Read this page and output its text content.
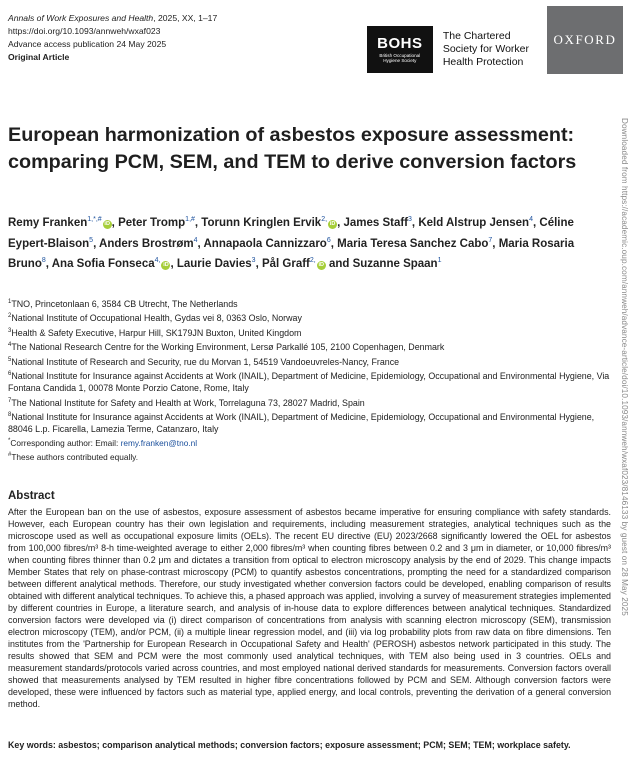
Annals of Work Exposures and Health, 2025, XX, 1–17
https://doi.org/10.1093/annweh/wxaf023
Advance access publication 24 May 2025
Original Article
BOHS
British Occupational
Hygiene Society
The Chartered
Society for Worker
Health Protection
OXFORD
European harmonization of asbestos exposure assessment: comparing PCM, SEM, and TEM to derive conversion factors
Remy Franken$^{1,*,\#}$iD , Peter Tromp$^{1,\#}$, Torunn Kringlen Ervik$^{2,}$iD , James Staff$^3$, Keld Alstrup Jensen$^4$, Céline Eypert-Blaison$^5$, Anders Brostrøm$^4$, Annapaola Cannizzaro$^6$, Maria Teresa Sanchez Cabo$^7$, Maria Rosaria Bruno$^8$, Ana Sofia Fonseca$^{4,}$iD , Laurie Davies$^3$, Pål Graff$^{2,}$iD and Suzanne Spaan$^1$
$^1$TNO, Princetonlaan 6, 3584 CB Utrecht, The Netherlands
$^2$National Institute of Occupational Health, Gydas vei 8, 0363 Oslo, Norway
$^3$Health & Safety Executive, Harpur Hill, SK179JN Buxton, United Kingdom
$^4$The National Research Centre for the Working Environment, Lersø Parkallé 105, 2100 Copenhagen, Denmark
$^5$National Institute of Research and Security, rue du Morvan 1, 54519 Vandoeuvreles-Nancy, France
$^6$National Institute for Insurance against Accidents at Work (INAIL), Department of Medicine, Epidemiology, Occupational and Environmental Hygiene, Via Fontana Candida 1, 00078 Monte Porzio Catone, Rome, Italy
$^7$The National Institute for Safety and Health at Work, Torrelaguna 73, 28027 Madrid, Spain
$^8$National Institute for Insurance against Accidents at Work (INAIL), Department of Medicine, Epidemiology, Occupational and Environmental Hygiene, 88046 L.p. Ficarella, Lamezia Terme, Catanzaro, Italy
*Corresponding author: Email: remy.franken@tno.nl
#These authors contributed equally.
Abstract

After the European ban on the use of asbestos, exposure assessment of asbestos became imperative for ensuring compliance with safety standards. However, each European country has their own legislation and requirements, including measurement strategies, analytical techniques such as the microscope used as well as occupational exposure limits (OELs). The recent EU directive (EU) 2023/2668 significantly lowered the OEL for asbestos from 100,000 fibres/m³ 8-h time-weighted average to either 2,000 fibres/m³ when counting fibres between 0.2 and 3 μm in diameter, or 10,000 fibres/m³ when counting fibres thinner than 0.2 μm and dictates a transition from optical to electron microscopy analysis by the end of 2029. This change impacts Member States that rely on phase-contrast microscopy (PCM) to quantify asbestos concentrations, prompting the need for a standardized comparison between different analytical methods. Therefore, our study investigated whether conversion factors could be developed, enabling comparison of results obtained with different analytical techniques. To achieve this, a phased approach was applied, involving a survey of measurement strategies implemented by different countries in Europe, a literature search, and analysis of in-house data to explore differences between analytical techniques. Standardized conversion factors were developed via (i) direct comparison of concentrations from analysis with scanning electron microscopy (SEM), transmission electron microscopy (TEM), and/or PCM, (ii) a multiple linear regression model, and (iii) via log probability plots from raw data on fibre dimensions. Ten institutes from the 'Partnership for European Research in Occupational Safety and Health' (PEROSH) asbestos network participated in this study. The results showed that SEM and PCM were the most commonly used analytical techniques, with TEM also being used in 3 countries. OELs and measurement standards/protocols varied across countries, and most employed national derived standards for measurements. Conversion factors overall showed that measurements analysed by TEM resulted in higher fibre concentrations followed by PCM and SEM. Although conversion factors were developed, these were influenced by factors such as material type, applied energy, and local controls, preventing the derivation of a general conversion method.

Key words: asbestos; comparison analytical methods; conversion factors; exposure assessment; PCM; SEM; TEM; workplace safety.

Downloaded from https://academic.oup.com/annweh/advance-article/doi/10.1093/annweh/wxaf023/8146133 by guest on 28 May 2025
